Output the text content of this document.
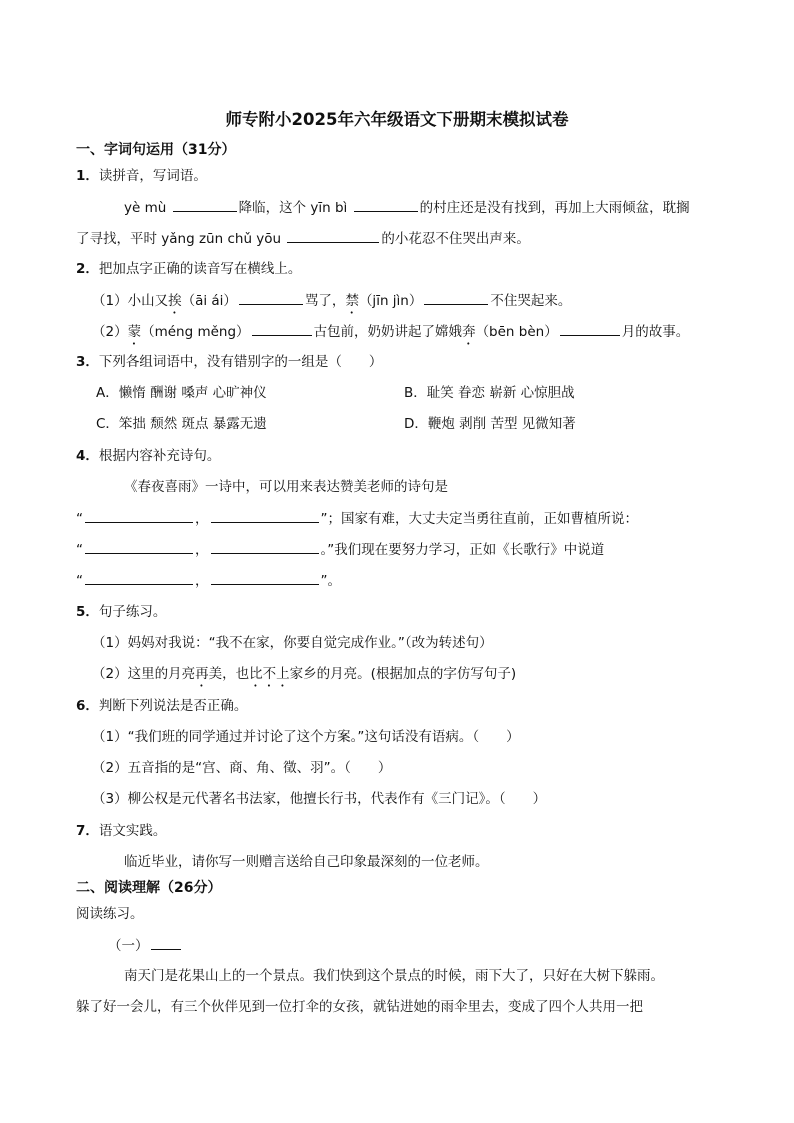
师专附小2025年六年级语文下册期末模拟试卷
一、字词句运用（31分）
1．读拼音，写词语。
yè mù	降临，这个 yīn bì	的村庄还是没有找到，再加上大雨倾盆，耽搁
了寻找，平时 yǎng zūn chǔ yōu	的小花忍不住哭出声来。
2．把加点字正确的读音写在横线上。
（1）小山又挨（āi ái）	骂了，禁（jīn jìn）	不住哭起来。
（2）蒙（méng měng）	古包前，奶奶讲起了嫦娥奔（bēn bèn）	月的故事。
3．下列各组词语中，没有错别字的一组是（　　）
A．懒惰 酬谢 嗓声 心旷神仪	B．耻笑 眷恋 崭新 心惊胆战
C．笨拙 颓然 斑点 暴露无遗	D．鞭炮 剥削 苦型 见微知著
4．根据内容补充诗句。
《春夜喜雨》一诗中，可以用来表达赞美老师的诗句是
“	，	”；国家有难，大丈夫定当勇往直前，正如曹植所说：
“	，	。”我们现在要努力学习，正如《长歌行》中说道
“	，	”。
5．句子练习。
（1）妈妈对我说：“我不在家，你要自觉完成作业。”（改为转述句）
（2）这里的月亮再美，也比不上家乡的月亮。(根据加点的字仿写句子)
6．判断下列说法是否正确。
（1）“我们班的同学通过并讨论了这个方案。”这句话没有语病。（　　）
（2）五音指的是“宫、商、角、徵、羽”。（　　）
（3）柳公权是元代著名书法家，他擅长行书，代表作有《三门记》。（　　）
7．语文实践。
临近毕业，请你写一则赠言送给自己印象最深刻的一位老师。
二、阅读理解（26分）
阅读练习。
（一）
南天门是花果山上的一个景点。我们快到这个景点的时候，雨下大了，只好在大树下躲雨。
躲了好一会儿，有三个伙伴见到一位打伞的女孩，就钻进她的雨伞里去，变成了四个人共用一把
